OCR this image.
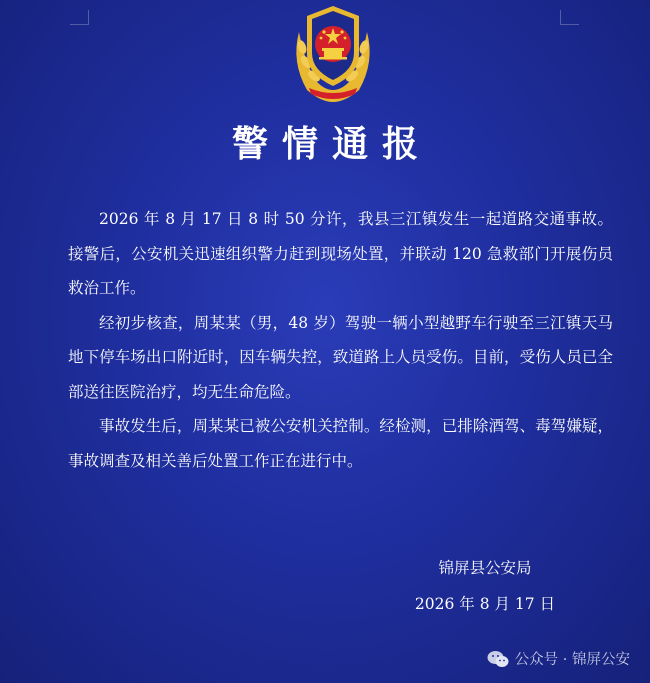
警情通报

2026 年 8 月 17 日 8 时 50 分许，我县三江镇发生一起道路交通事故。接警后，公安机关迅速组织警力赶到现场处置，并联动 120 急救部门开展伤员救治工作。

经初步核查，周某某（男，48 岁）驾驶一辆小型越野车行驶至三江镇天马地下停车场出口附近时，因车辆失控，致道路上人员受伤。目前，受伤人员已全部送往医院治疗，均无生命危险。

事故发生后，周某某已被公安机关控制。经检测，已排除酒驾、毒驾嫌疑，事故调查及相关善后处置工作正在进行中。

锦屏县公安局
2026 年 8 月 17 日
公众号 · 锦屏公安
